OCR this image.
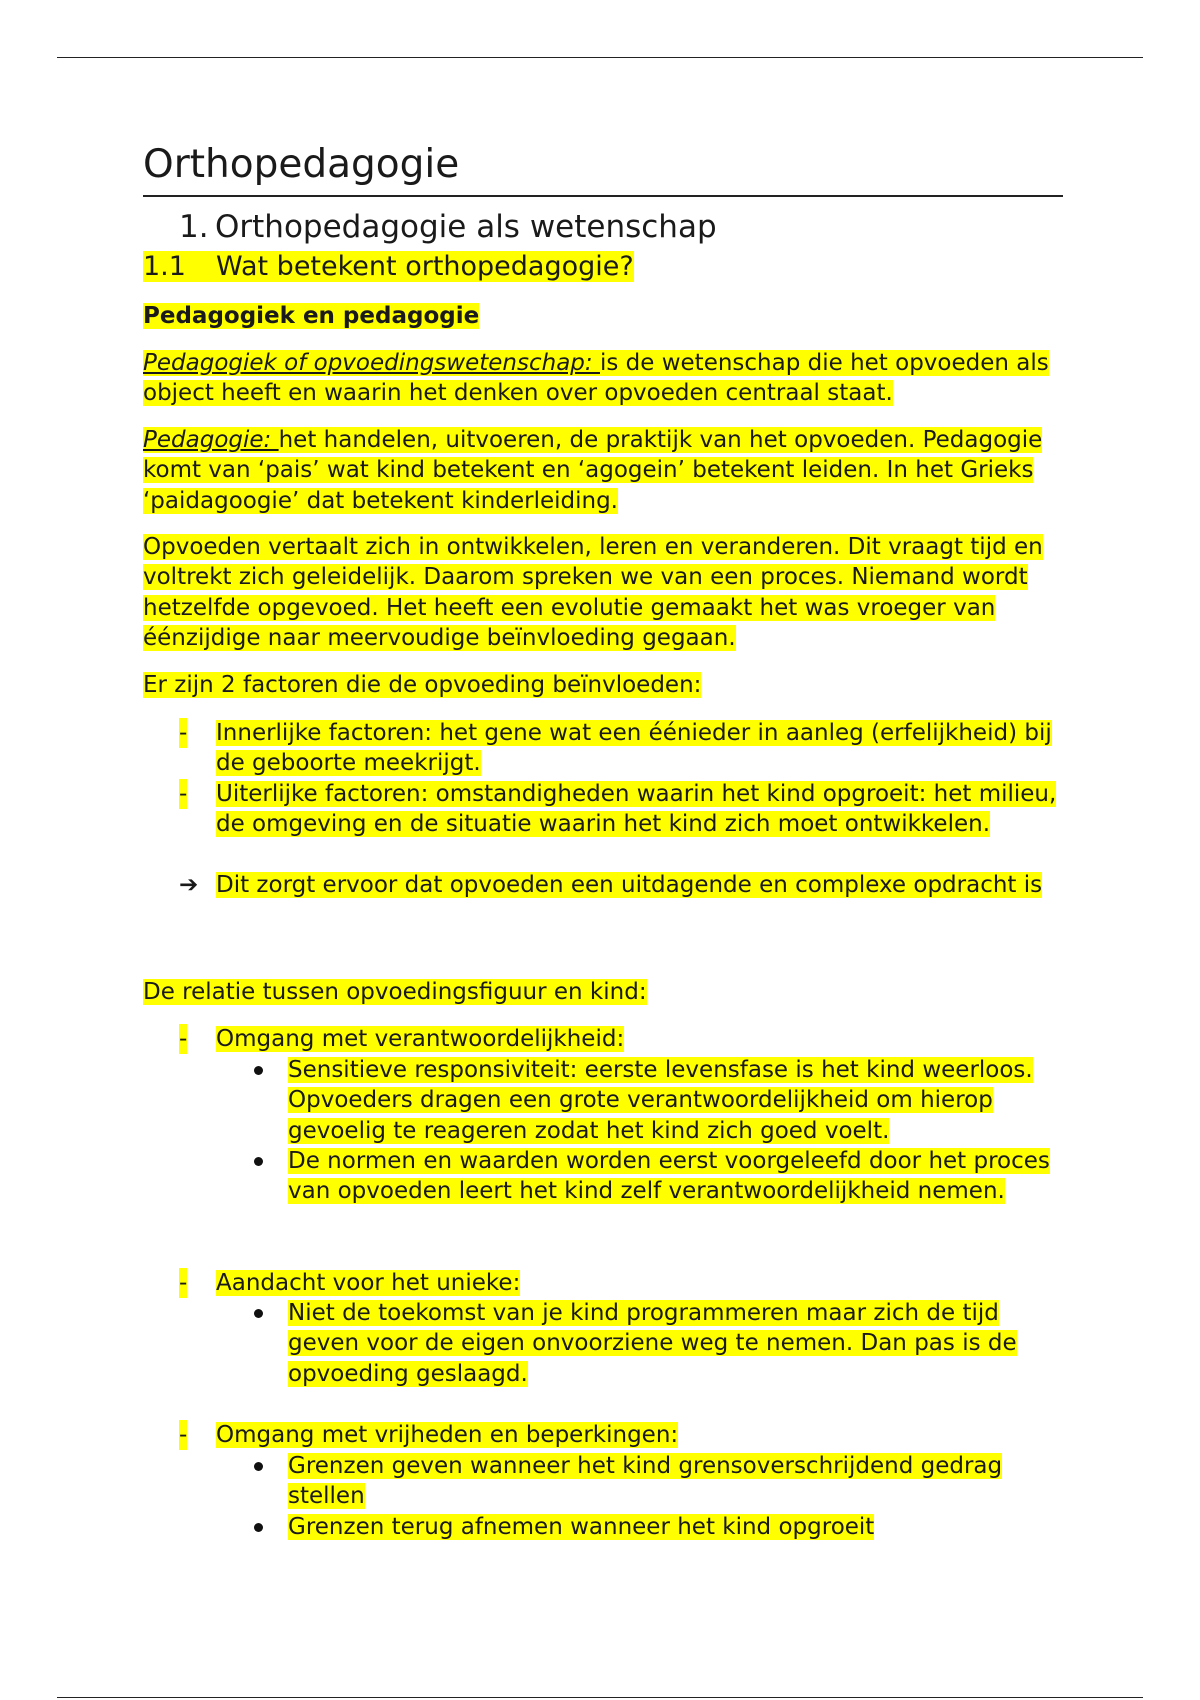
Orthopedagogie
1. Orthopedagogie als wetenschap
1.1 Wat betekent orthopedagogie?
Pedagogiek en pedagogie
Pedagogiek of opvoedingswetenschap: is de wetenschap die het opvoeden als object heeft en waarin het denken over opvoeden centraal staat.
Pedagogie: het handelen, uitvoeren, de praktijk van het opvoeden. Pedagogie komt van ‘pais’ wat kind betekent en ‘agogein’ betekent leiden. In het Grieks ‘paidagoogie’ dat betekent kinderleiding.
Opvoeden vertaalt zich in ontwikkelen, leren en veranderen. Dit vraagt tijd en voltrekt zich geleidelijk. Daarom spreken we van een proces. Niemand wordt hetzelfde opgevoed. Het heeft een evolutie gemaakt het was vroeger van éénzijdige naar meervoudige beïnvloeding gegaan.
Er zijn 2 factoren die de opvoeding beïnvloeden:
- Innerlijke factoren: het gene wat een éénieder in aanleg (erfelijkheid) bij de geboorte meekrijgt.
- Uiterlijke factoren: omstandigheden waarin het kind opgroeit: het milieu, de omgeving en de situatie waarin het kind zich moet ontwikkelen.
➔ Dit zorgt ervoor dat opvoeden een uitdagende en complexe opdracht is
De relatie tussen opvoedingsfiguur en kind:
- Omgang met verantwoordelijkheid:
Sensitieve responsiviteit: eerste levensfase is het kind weerloos. Opvoeders dragen een grote verantwoordelijkheid om hierop gevoelig te reageren zodat het kind zich goed voelt.
De normen en waarden worden eerst voorgeleefd door het proces van opvoeden leert het kind zelf verantwoordelijkheid nemen.
- Aandacht voor het unieke:
Niet de toekomst van je kind programmeren maar zich de tijd geven voor de eigen onvoorziene weg te nemen. Dan pas is de opvoeding geslaagd.
- Omgang met vrijheden en beperkingen:
Grenzen geven wanneer het kind grensoverschrijdend gedrag stellen
Grenzen terug afnemen wanneer het kind opgroeit
